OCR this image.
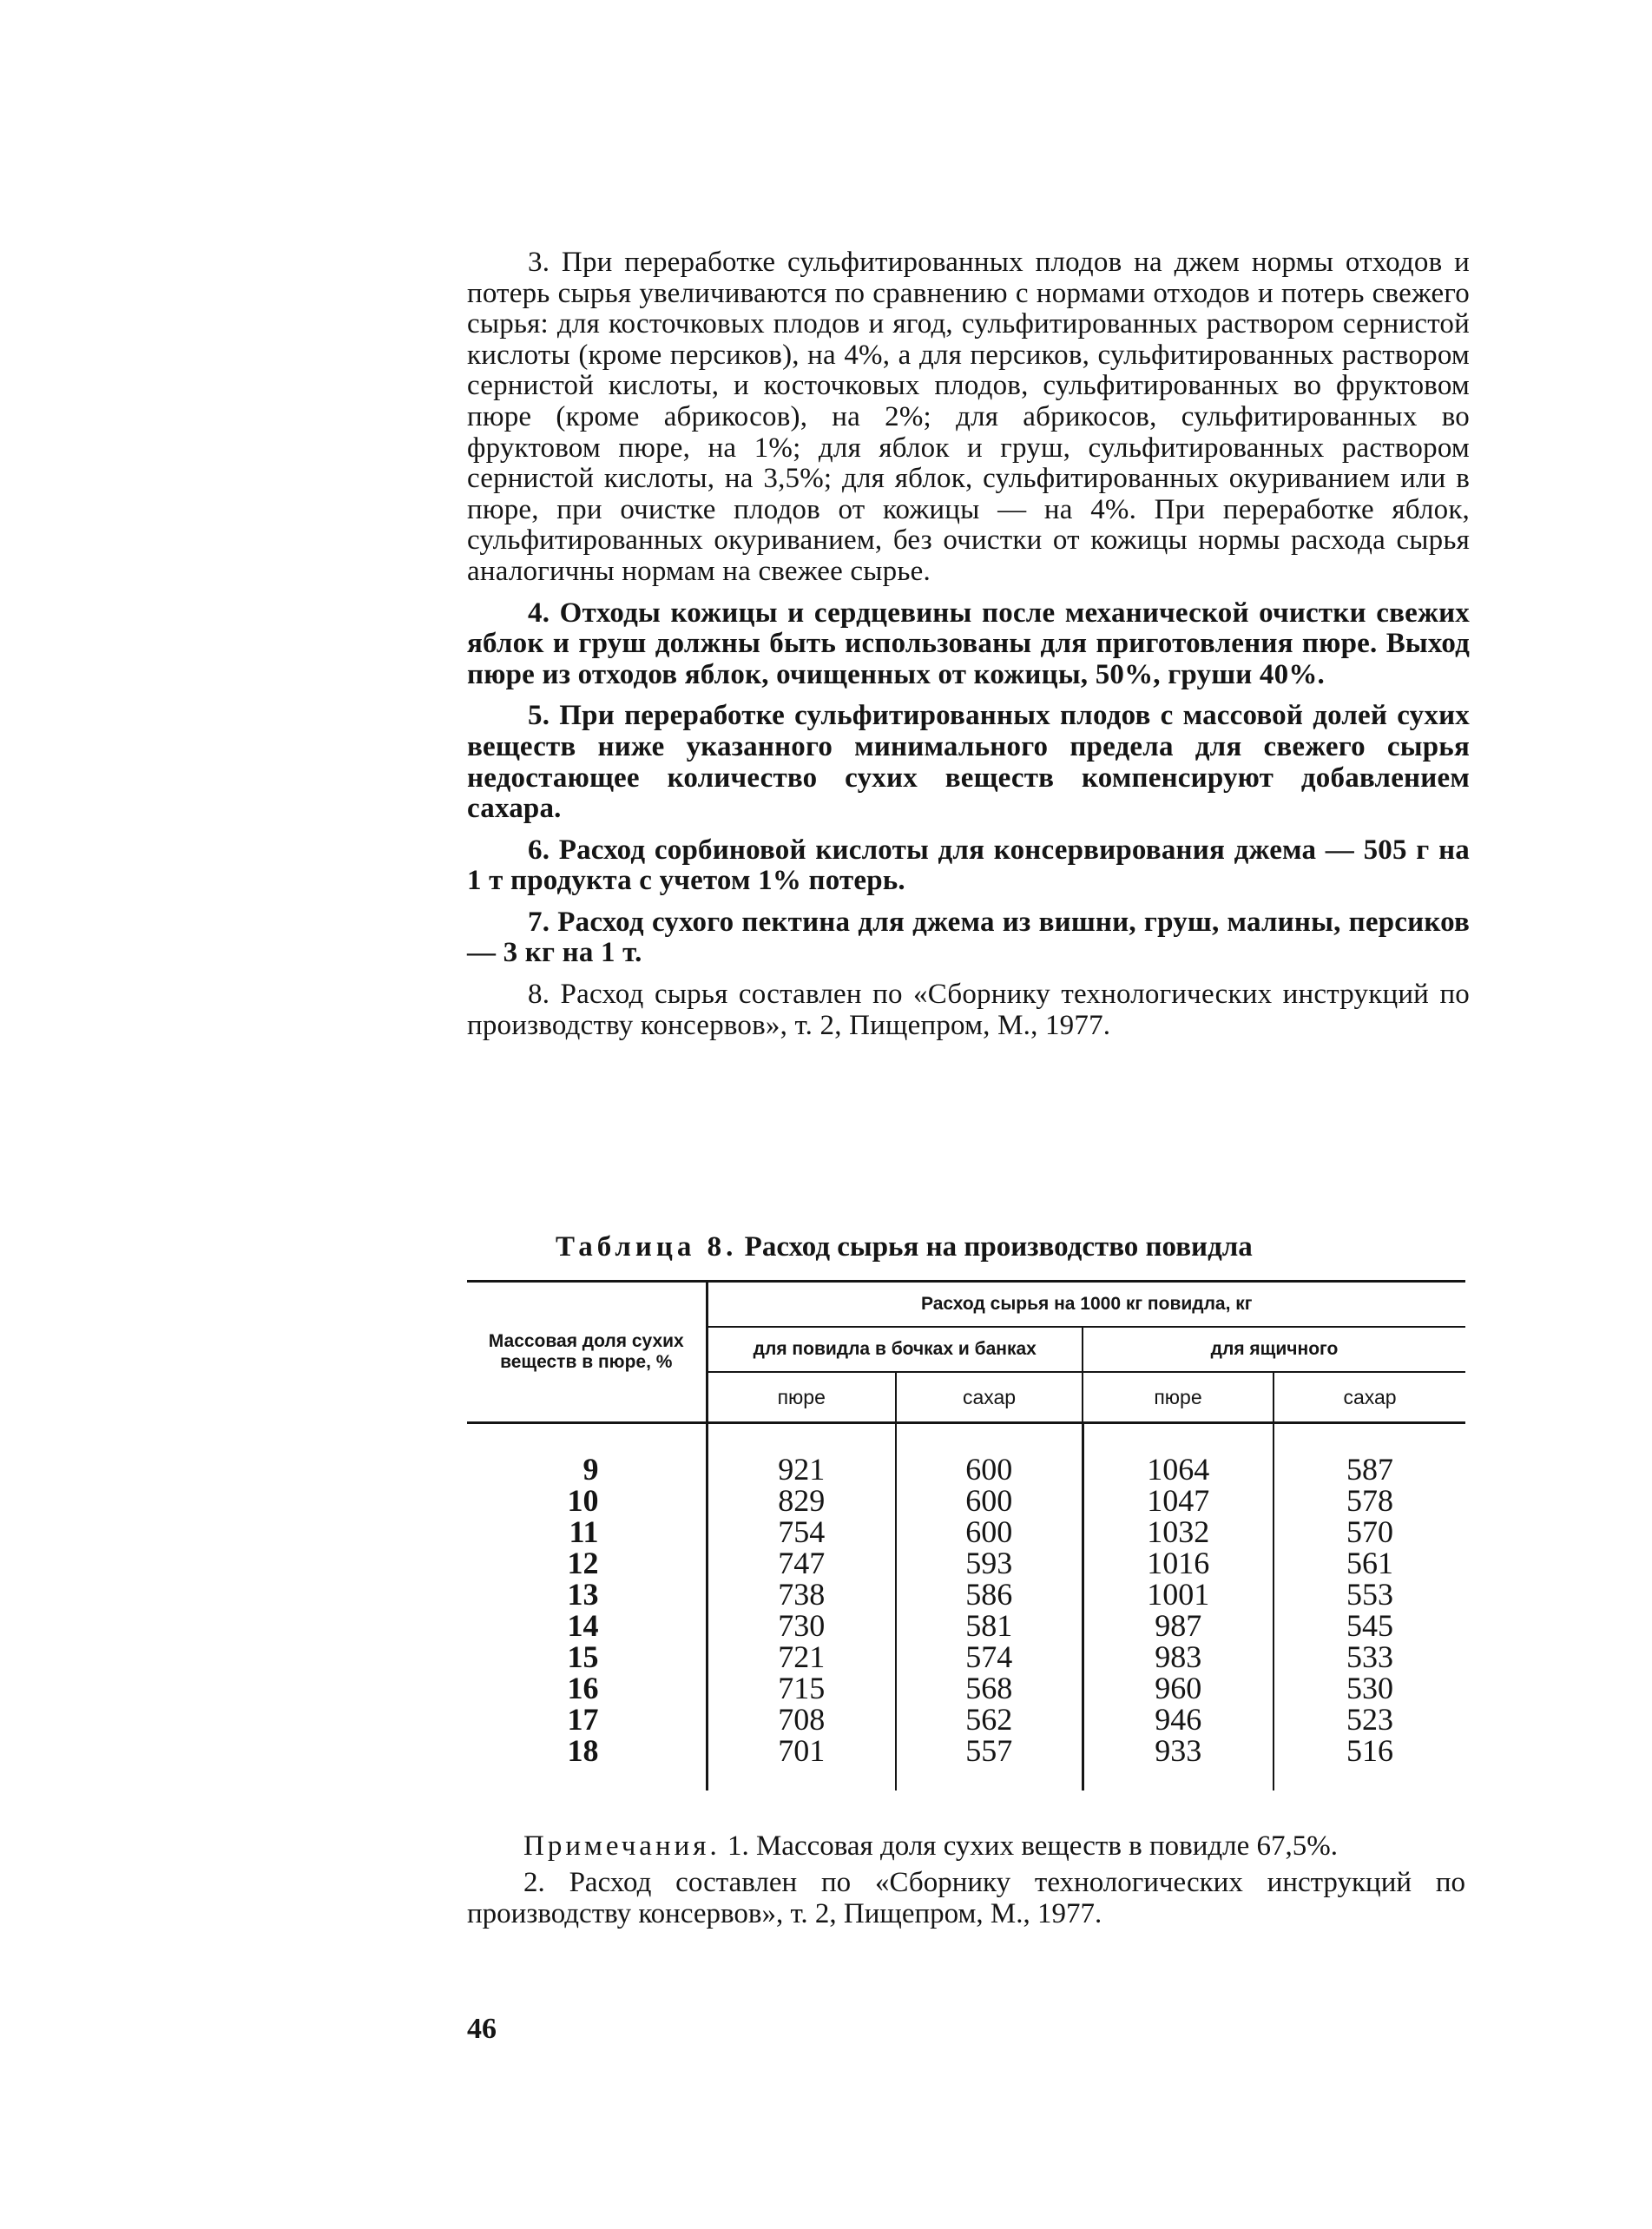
3. При переработке сульфитированных плодов на джем нормы отходов и потерь сырья увеличиваются по сравнению с нормами отходов и потерь свежего сырья: для косточковых плодов и ягод, сульфитированных раствором сернистой кислоты (кроме персиков), на 4%, а для персиков, сульфитированных раствором сернистой кислоты, и косточковых плодов, сульфитированных во фруктовом пюре (кроме абрикосов), на 2%; для абрикосов, сульфитированных во фруктовом пюре, на 1%; для яблок и груш, сульфитированных раствором сернистой кислоты, на 3,5%; для яблок, сульфитированных окуриванием или в пюре, при очистке плодов от кожицы — на 4%. При переработке яблок, сульфитированных окуриванием, без очистки от кожицы нормы расхода сырья аналогичны нормам на свежее сырье.

4. Отходы кожицы и сердцевины после механической очистки свежих яблок и груш должны быть использованы для приготовления пюре. Выход пюре из отходов яблок, очищенных от кожицы, 50%, груши 40%.

5. При переработке сульфитированных плодов с массовой долей сухих веществ ниже указанного минимального предела для свежего сырья недостающее количество сухих веществ компенсируют добавлением сахара.

6. Расход сорбиновой кислоты для консервирования джема — 505 г на 1 т продукта с учетом 1% потерь.

7. Расход сухого пектина для джема из вишни, груш, малины, персиков — 3 кг на 1 т.

8. Расход сырья составлен по «Сборнику технологических инструкций по производству консервов», т. 2, Пищепром, М., 1977.

Таблица 8. Расход сырья на производство повидла
Массовая доля сухих веществ в пюре, %	Расход сырья на 1000 кг повидла, кг			
	для повидла в бочках и банках		для ящичного	
	пюре	сахар	пюре	сахар
9	921	600	1064	587
10	829	600	1047	578
11	754	600	1032	570
12	747	593	1016	561
13	738	586	1001	553
14	730	581	987	545
15	721	574	983	533
16	715	568	960	530
17	708	562	946	523
18	701	557	933	516

Примечания. 1. Массовая доля сухих веществ в повидле 67,5%.

2. Расход составлен по «Сборнику технологических инструкций по производству консервов», т. 2, Пищепром, М., 1977.

46
